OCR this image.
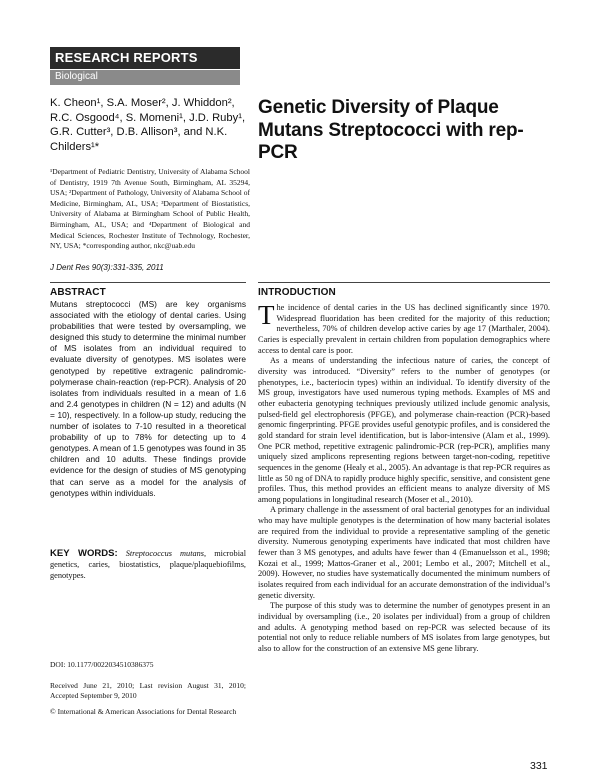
RESEARCH REPORTS
Biological
K. Cheon¹, S.A. Moser², J. Whiddon², R.C. Osgood⁴, S. Momeni¹, J.D. Ruby¹, G.R. Cutter³, D.B. Allison³, and N.K. Childers¹*
¹Department of Pediatric Dentistry, University of Alabama School of Dentistry, 1919 7th Avenue South, Birmingham, AL 35294, USA; ²Department of Pathology, University of Alabama School of Medicine, Birmingham, AL, USA; ³Department of Biostatistics, University of Alabama at Birmingham School of Public Health, Birmingham, AL, USA; and ⁴Department of Biological and Medical Sciences, Rochester Institute of Technology, Rochester, NY, USA; *corresponding author, nkc@uab.edu
J Dent Res 90(3):331-335, 2011
Genetic Diversity of Plaque Mutans Streptococci with rep-PCR
ABSTRACT

Mutans streptococci (MS) are key organisms associated with the etiology of dental caries. Using probabilities that were tested by oversampling, we designed this study to determine the minimal number of MS isolates from an individual required to evaluate diversity of genotypes. MS isolates were genotyped by repetitive extragenic palindromic-polymerase chain-reaction (rep-PCR). Analysis of 20 isolates from individuals resulted in a mean of 1.6 and 2.4 genotypes in children (N = 12) and adults (N = 10), respectively. In a follow-up study, reducing the number of isolates to 7-10 resulted in a theoretical probability of up to 78% for detecting up to 4 genotypes. A mean of 1.5 genotypes was found in 35 children and 10 adults. These findings provide evidence for the design of studies of MS genotyping that can serve as a model for the analysis of genotypes within individuals.

KEY WORDS: Streptococcus mutans, microbial genetics, caries, biostatistics, plaque/plaquebiofilms, genotypes.

DOI: 10.1177/0022034510386375

Received June 21, 2010; Last revision August 31, 2010; Accepted September 9, 2010

© International & American Associations for Dental Research
INTRODUCTION

The incidence of dental caries in the US has declined significantly since 1970. Widespread fluoridation has been credited for the majority of this reduction; nevertheless, 70% of children develop active caries by age 17 (Marthaler, 2004). Caries is especially prevalent in certain children from population demographics where access to dental care is poor.

As a means of understanding the infectious nature of caries, the concept of diversity was introduced. “Diversity” refers to the number of genotypes (or phenotypes, i.e., bacteriocin types) within an individual. To identify diversity of the MS group, investigators have used numerous typing methods. Examples of MS and other eubacteria genotyping techniques previously utilized include genomic analysis, pulsed-field gel electrophoresis (PFGE), and polymerase chain-reaction (PCR)-based genomic fingerprinting. PFGE provides useful genotypic profiles, and is considered the gold standard for strain level identification, but is labor-intensive (Alam et al., 1999). One PCR method, repetitive extragenic palindromic-PCR (rep-PCR), amplifies many uniquely sized amplicons representing regions between target-non-coding, repetitive sequences in the genome (Healy et al., 2005). An advantage is that rep-PCR requires as little as 50 ng of DNA to rapidly produce highly specific, sensitive, and consistent gene profiles. Thus, this method provides an efficient means to analyze diversity of MS among populations in longitudinal research (Moser et al., 2010).

A primary challenge in the assessment of oral bacterial genotypes for an individual who may have multiple genotypes is the determination of how many bacterial isolates are required from the individual to provide a representative sampling of the genetic diversity. Numerous genotyping experiments have indicated that most children have fewer than 3 MS genotypes, and adults have fewer than 4 (Emanuelsson et al., 1998; Kozai et al., 1999; Mattos-Graner et al., 2001; Lembo et al., 2007; Mitchell et al., 2009). However, no studies have systematically documented the minimum numbers of isolates required from each individual for an accurate demonstration of the individual’s genetic diversity.

The purpose of this study was to determine the number of genotypes present in an individual by oversampling (i.e., 20 isolates per individual) from a group of children and adults. A genotyping method based on rep-PCR was selected because of its potential not only to reduce reliable numbers of MS isolates from large genotypes, but also to allow for the construction of an extensive MS gene library.

331
